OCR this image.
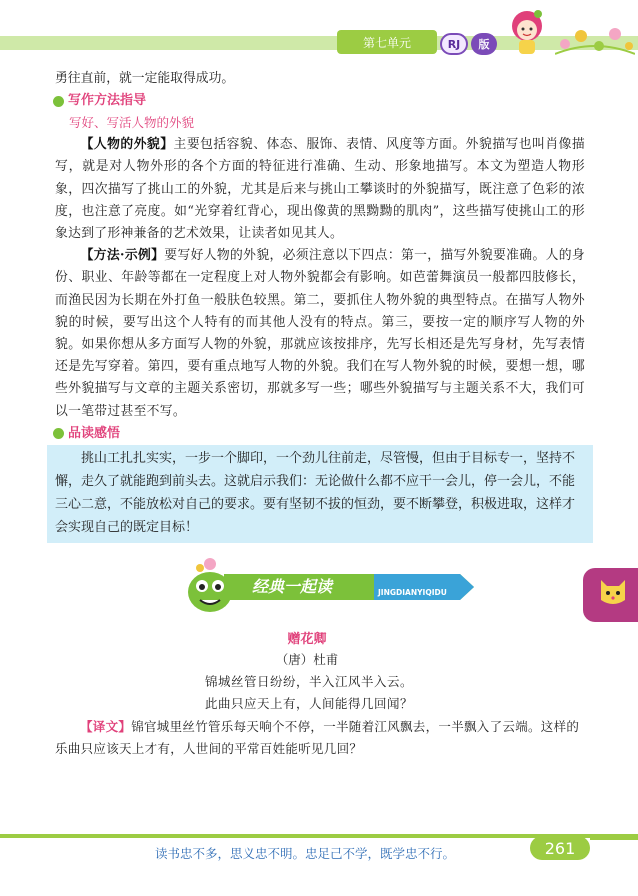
第七单元	RJ	版
勇往直前，就一定能取得成功。
写作方法指导
写好、写活人物的外貌
【人物的外貌】主要包括容貌、体态、服饰、表情、风度等方面。外貌描写也叫肖像描写，就是对人物外形的各个方面的特征进行准确、生动、形象地描写。本文为塑造人物形象，四次描写了挑山工的外貌，尤其是后来与挑山工攀谈时的外貌描写，既注意了色彩的浓度，也注意了亮度。如“光穿着红背心，现出像黄的黑黝黝的肌肉”，这些描写使挑山工的形象达到了形神兼备的艺术效果，让读者如见其人。
【方法·示例】要写好人物的外貌，必须注意以下四点：第一，描写外貌要准确。人的身份、职业、年龄等都在一定程度上对人物外貌都会有影响。如芭蕾舞演员一般都四肢修长，而渔民因为长期在外打鱼一般肤色较黑。第二，要抓住人物外貌的典型特点。在描写人物外貌的时候，要写出这个人特有的而其他人没有的特点。第三，要按一定的顺序写人物的外貌。如果你想从多方面写人物的外貌，那就应该按排序，先写长相还是先写身材，先写表情还是先写穿着。第四，要有重点地写人物的外貌。我们在写人物外貌的时候，要想一想，哪些外貌描写与文章的主题关系密切，那就多写一些；哪些外貌描写与主题关系不大，我们可以一笔带过甚至不写。
品读感悟
挑山工扎扎实实，一步一个脚印，一个劲儿往前走，尽管慢，但由于目标专一，坚持不懈，走久了就能跑到前头去。这就启示我们：无论做什么都不应干一会儿，停一会儿，不能三心二意，不能放松对自己的要求。要有坚韧不拔的恒劲，要不断攀登，积极进取，这样才会实现自己的既定目标！
经典一起读	JINGDIANYIQIDU
赠花卿
（唐）杜甫
锦城丝管日纷纷，半入江风半入云。
此曲只应天上有，人间能得几回闻？
【译文】锦官城里丝竹管乐每天响个不停，一半随着江风飘去，一半飘入了云端。这样的乐曲只应该天上才有，人世间的平常百姓能听见几回？
读书忠不多，思义忠不明。忠足己不学，既学忠不行。	261
